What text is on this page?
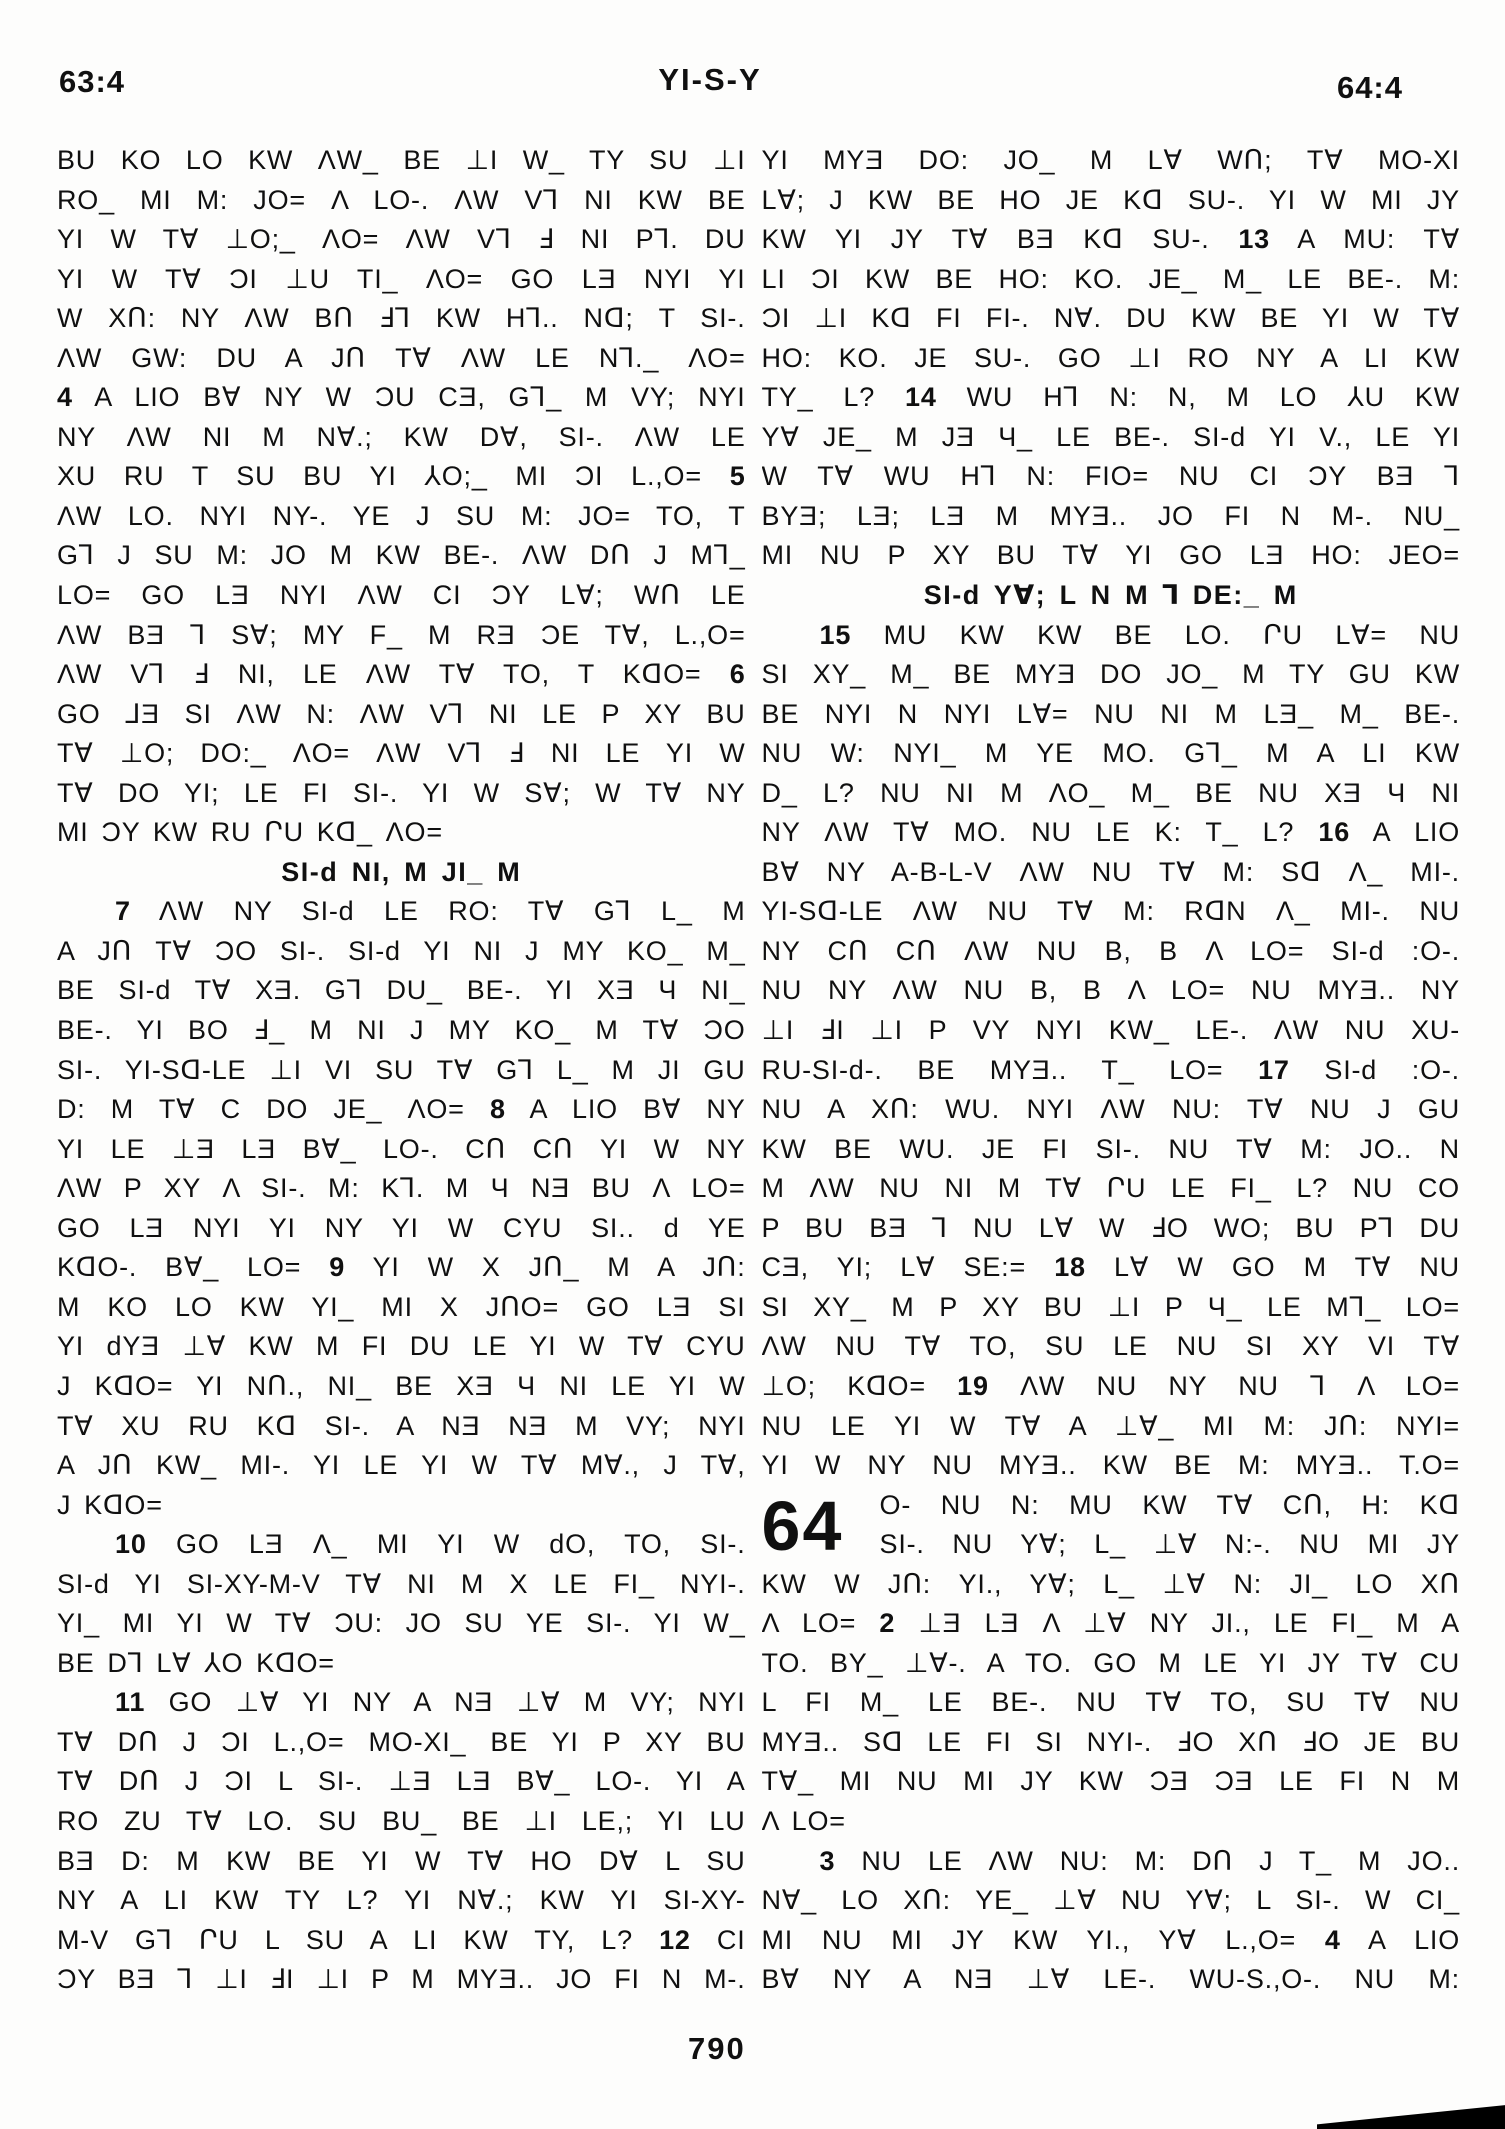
63:4	YI-S-Y	64:4
BU KO LO KW ΛW_ BE ⊥I W_ TY SU ⊥I
RO_ MI M: JO= Λ LO-. ΛW V⅂ NI KW BE
YI W T∀ ⊥O;_ ΛO= ΛW V⅂ Ⅎ NI P⅂. DU
YI W T∀ ƆI ⊥U TI_ ΛO= GO LƎ NYI YI
W XՈ: NY ΛW BՈ Ⅎ⅂ KW H⅂.. Nᗡ; T SI-.
ΛW GW: DU A JՈ T∀ ΛW LE N⅂._ ΛO=
4 A LIO B∀ NY W ƆU CƎ, G⅂_ M VY; NYI
NY ΛW NI M N∀.; KW D∀, SI-. ΛW LE
XU RU T SU BU YI ⅄O;_ MI ƆI L.,O= 5
ΛW LO. NYI NY-. YE J SU M: JO= TO, T
G⅂ J SU M: JO M KW BE-. ΛW DՈ J M⅂_
LO= GO LƎ NYI ΛW CI ƆY L∀; WՈ LE
ΛW BƎ ⅂ S∀; MY F_ M RƎ ƆE T∀, L.,O=
ΛW V⅂ Ⅎ NI, LE ΛW T∀ TO, T KᗡO= 6
GO ⅃Ǝ SI ΛW N: ΛW V⅂ NI LE P XY BU
T∀ ⊥O; DO:_ ΛO= ΛW V⅂ Ⅎ NI LE YI W
T∀ DO YI; LE FI SI-. YI W S∀; W T∀ NY
MI ƆY KW RU ՐU Kᗡ_ ΛO=
SI-d NI, M JI_ M
7 ΛW NY SI-d LE RO: T∀ G⅂ L_ M
A JՈ T∀ ƆO SI-. SI-d YI NI J MY KO_ M_
BE SI-d T∀ XƎ. G⅂ DU_ BE-. YI XƎ Ч NI_
BE-. YI BO Ⅎ_ M NI J MY KO_ M T∀ ƆO
SI-. YI-Sᗡ-LE ⊥I VI SU T∀ G⅂ L_ M JI GU
D: M T∀ C DO JE_ ΛO= 8 A LIO B∀ NY
YI LE ⊥Ǝ LƎ B∀_ LO-. CՈ CՈ YI W NY
ΛW P XY Λ SI-. M: K⅂. M Ч NƎ BU Λ LO=
GO LƎ NYI YI NY YI W CYU SI.. d YE
KᗡO-. B∀_ LO= 9 YI W X JՈ_ M A JՈ:
M KO LO KW YI_ MI X JՈO= GO LƎ SI
YI dYƎ ⊥∀ KW M FI DU LE YI W T∀ CYU
J KᗡO= YI NՈ., NI_ BE XƎ Ч NI LE YI W
T∀ XU RU Kᗡ SI-. A NƎ NƎ M VY; NYI
A JՈ KW_ MI-. YI LE YI W T∀ M∀., J T∀,
J KᗡO=
10 GO LƎ Λ_ MI YI W dO, TO, SI-.
SI-d YI SI-XY-M-V T∀ NI M X LE FI_ NYI-.
YI_ MI YI W T∀ ƆU: JO SU YE SI-. YI W_
BE D⅂ L∀ ⅄O KᗡO=
11 GO ⊥∀ YI NY A NƎ ⊥∀ M VY; NYI
T∀ DՈ J ƆI L.,O= MO-XI_ BE YI P XY BU
T∀ DՈ J ƆI L SI-. ⊥Ǝ LƎ B∀_ LO-. YI A
RO ZU T∀ LO. SU BU_ BE ⊥I LE,; YI LU
BƎ D: M KW BE YI W T∀ HO D∀ L SU
NY A LI KW TY L? YI N∀.; KW YI SI-XY-
M-V G⅂ ՐU L SU A LI KW TY, L? 12 CI
ƆY BƎ ⅂ ⊥I ℲI ⊥I P M MYƎ.. JO FI N M-.
YI MYƎ DO: JO_ M L∀ WՈ; T∀ MO-XI
L∀; J KW BE HO JE Kᗡ SU-. YI W MI JY
KW YI JY T∀ BƎ Kᗡ SU-. 13 A MU: T∀
LI ƆI KW BE HO: KO. JE_ M_ LE BE-. M:
ƆI ⊥I Kᗡ FI FI-. N∀. DU KW BE YI W T∀
HO: KO. JE SU-. GO ⊥I RO NY A LI KW
TY_ L? 14 WU H⅂ N: N, M LO ⅄U KW
Y∀ JE_ M JƎ Ч_ LE BE-. SI-d YI V., LE YI
W T∀ WU H⅂ N: FIO= NU CI ƆY BƎ ⅂
BYƎ; LƎ; LƎ M MYƎ.. JO FI N M-. NU_
MI NU P XY BU T∀ YI GO LƎ HO: JEO=
SI-d Y∀; L N M ⅂ DE:_ M
15 MU KW KW BE LO. ՐU L∀= NU
SI XY_ M_ BE MYƎ DO JO_ M TY GU KW
BE NYI N NYI L∀= NU NI M LƎ_ M_ BE-.
NU W: NYI_ M YE MO. G⅂_ M A LI KW
D_ L? NU NI M ΛO_ M_ BE NU XƎ Ч NI
NY ΛW T∀ MO. NU LE K: T_ L? 16 A LIO
B∀ NY A-B-L-V ΛW NU T∀ M: Sᗡ Λ_ MI-.
YI-Sᗡ-LE ΛW NU T∀ M: RᗡN Λ_ MI-. NU
NY CՈ CՈ ΛW NU B, B Λ LO= SI-d :O-.
NU NY ΛW NU B, B Λ LO= NU MYƎ.. NY
⊥I ℲI ⊥I P VY NYI KW_ LE-. ΛW NU XU-
RU-SI-d-. BE MYƎ.. T_ LO= 17 SI-d :O-.
NU A XՈ: WU. NYI ΛW NU: T∀ NU J GU
KW BE WU. JE FI SI-. NU T∀ M: JO.. N
M ΛW NU NI M T∀ ՐU LE FI_ L? NU CO
P BU BƎ ⅂ NU L∀ W ℲO WO; BU P⅂ DU
CƎ, YI; L∀ SE:= 18 L∀ W GO M T∀ NU
SI XY_ M P XY BU ⊥I P Ч_ LE M⅂_ LO=
ΛW NU T∀ TO, SU LE NU SI XY VI T∀
⊥O; KᗡO= 19 ΛW NU NY NU ⅂ Λ LO=
NU LE YI W T∀ A ⊥∀_ MI M: JՈ: NYI=
YI W NY NU MYƎ.. KW BE M: MYƎ.. T.O=
64	O- NU N: MU KW T∀ CՈ, H: Kᗡ
SI-. NU Y∀; L_ ⊥∀ N:-. NU MI JY
KW W JՈ: YI., Y∀; L_ ⊥∀ N: JI_ LO XՈ
Λ LO= 2 ⊥Ǝ LƎ Λ ⊥∀ NY JI., LE FI_ M A
TO. BY_ ⊥∀-. A TO. GO M LE YI JY T∀ CU
L FI M_ LE BE-. NU T∀ TO, SU T∀ NU
MYƎ.. Sᗡ LE FI SI NYI-. ℲO XՈ ℲO JE BU
T∀_ MI NU MI JY KW ƆƎ ƆƎ LE FI N M
Λ LO=
3 NU LE ΛW NU: M: DՈ J T_ M JO..
N∀_ LO XՈ: YE_ ⊥∀ NU Y∀; L SI-. W CI_
MI NU MI JY KW YI., Y∀ L.,O= 4 A LIO
B∀ NY A NƎ ⊥∀ LE-. WU-S.,O-. NU M:
790
